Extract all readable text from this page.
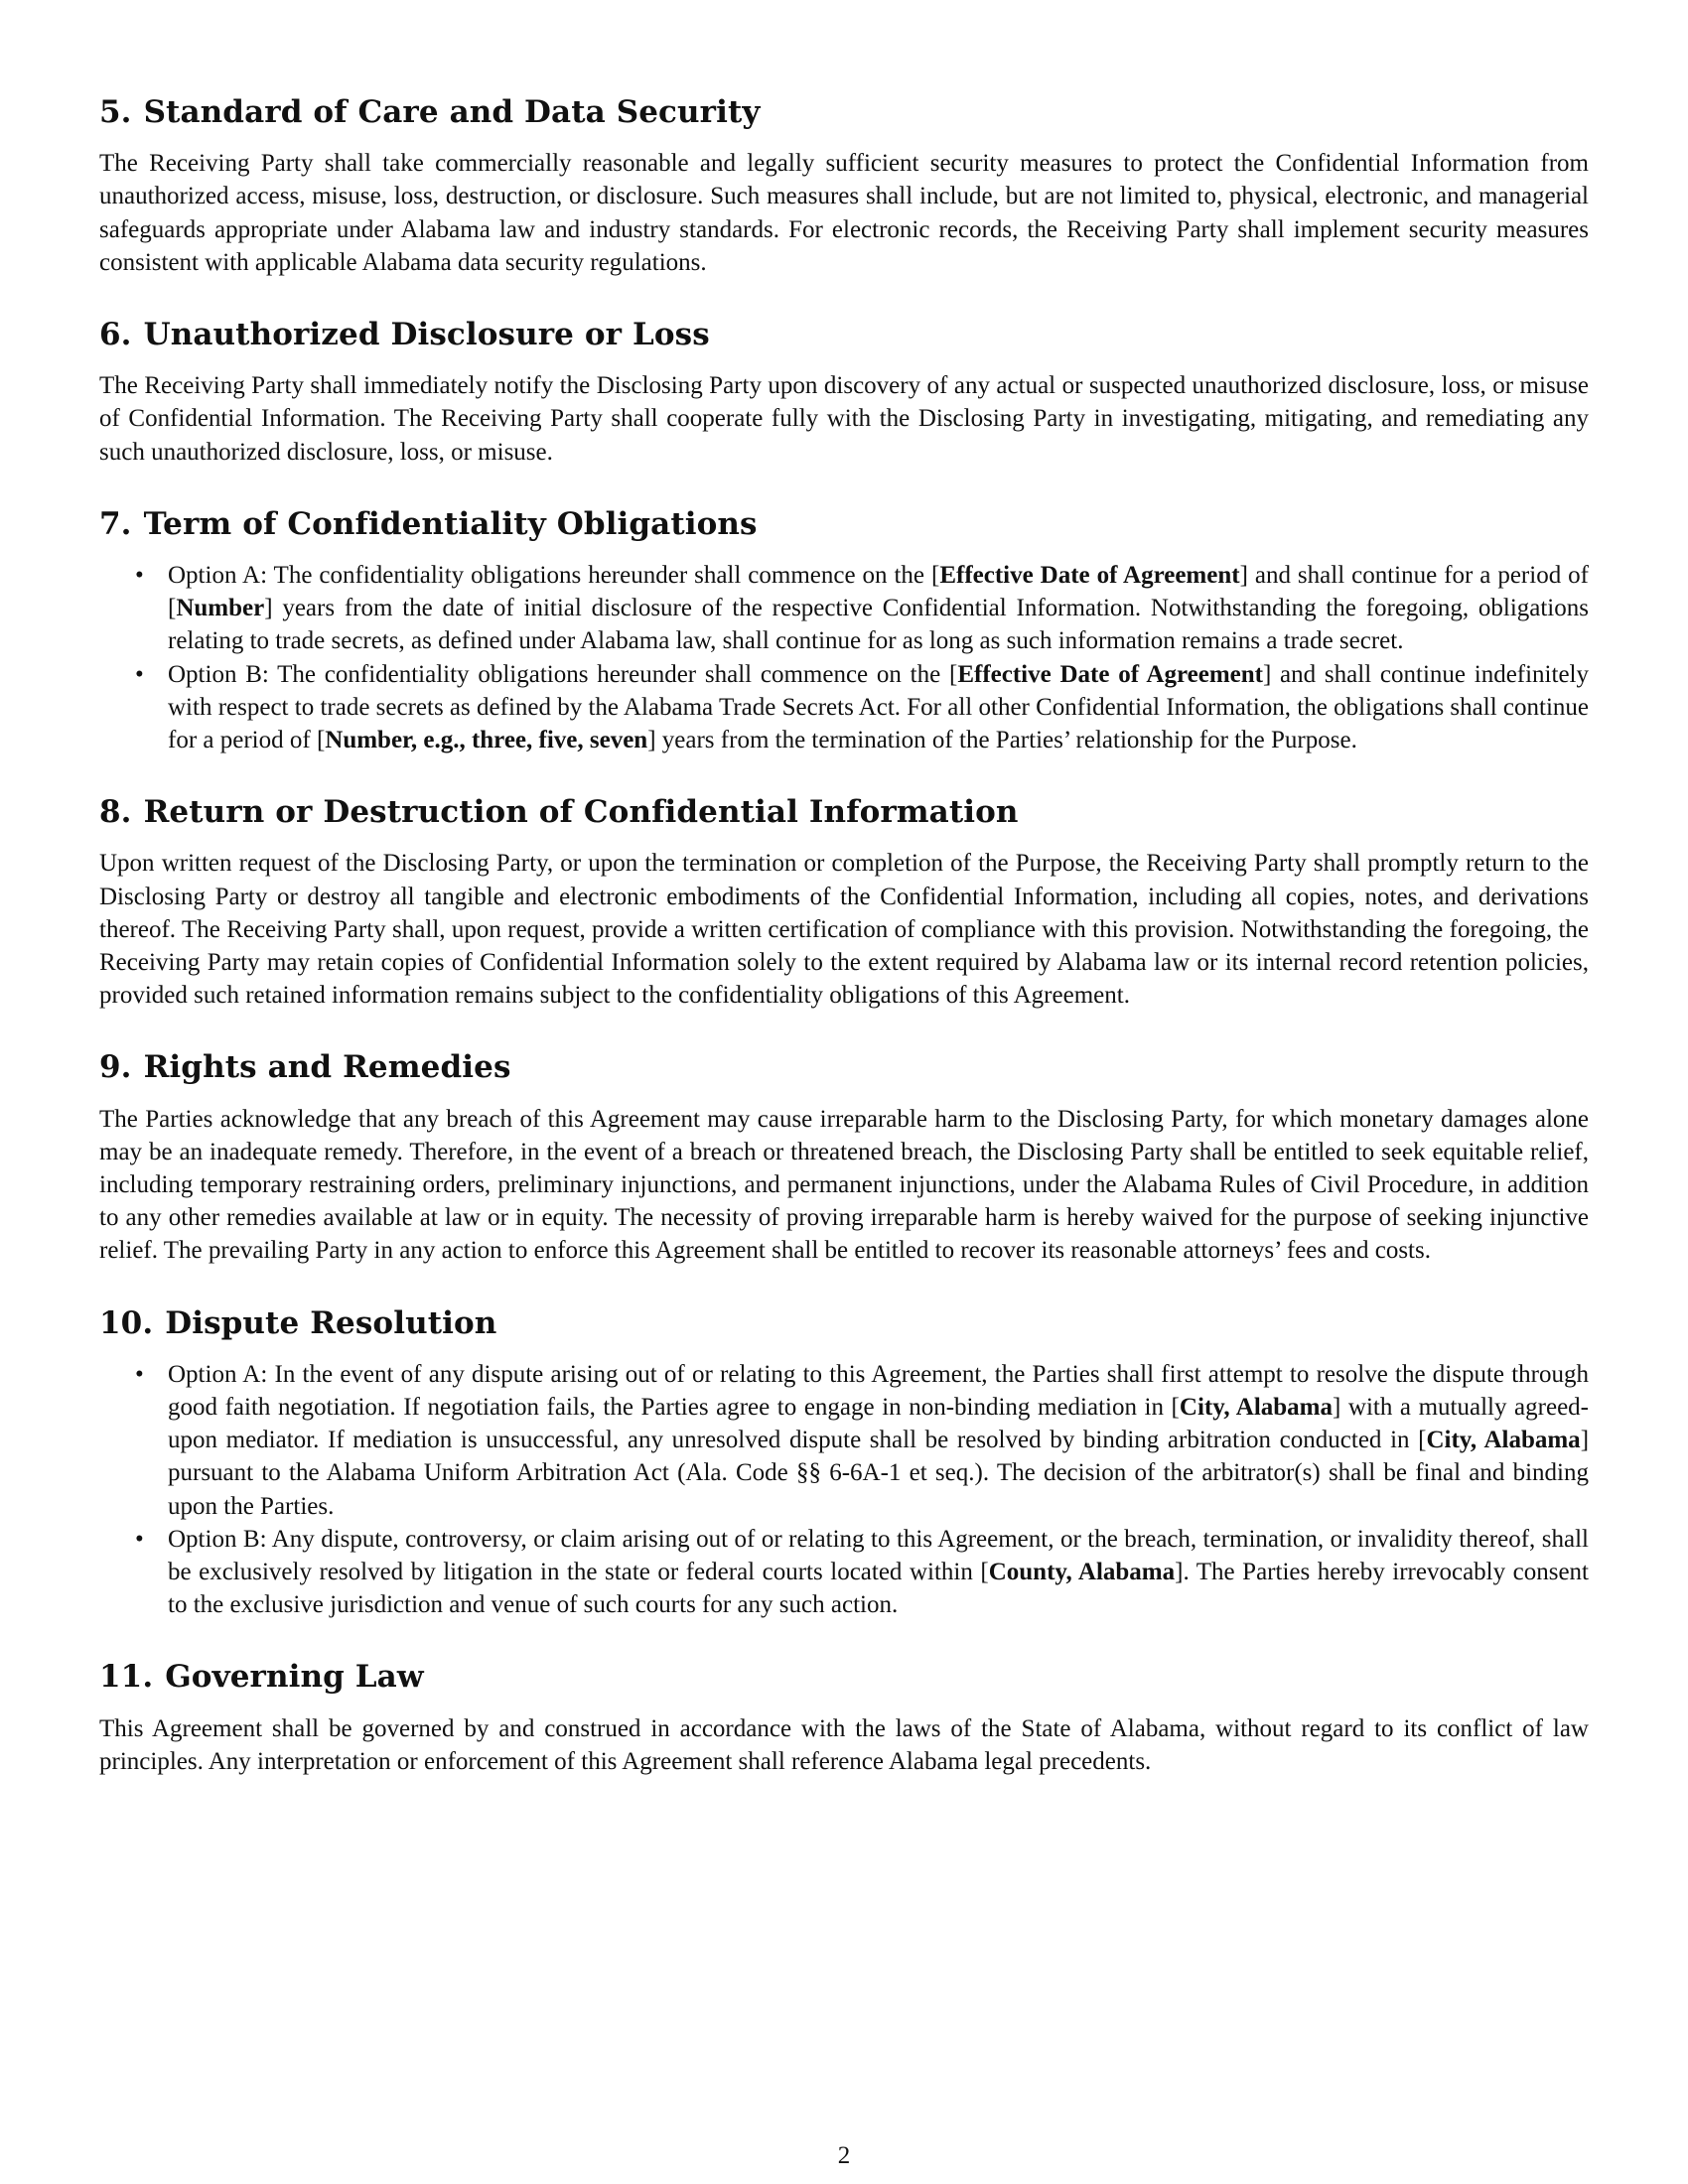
5. Standard of Care and Data Security

The Receiving Party shall take commercially reasonable and legally sufficient security measures to protect the Confidential Information from unauthorized access, misuse, loss, destruction, or disclosure. Such measures shall include, but are not limited to, physical, electronic, and managerial safeguards appropriate under Alabama law and industry standards. For electronic records, the Receiving Party shall implement security measures consistent with applicable Alabama data security regulations.

6. Unauthorized Disclosure or Loss

The Receiving Party shall immediately notify the Disclosing Party upon discovery of any actual or suspected unauthorized disclosure, loss, or misuse of Confidential Information. The Receiving Party shall cooperate fully with the Disclosing Party in investigating, mitigating, and remediating any such unauthorized disclosure, loss, or misuse.

7. Term of Confidentiality Obligations
• Option A: The confidentiality obligations hereunder shall commence on the [Effective Date of Agreement] and shall continue for a period of [Number] years from the date of initial disclosure of the respective Confidential Information. Notwithstanding the foregoing, obligations relating to trade secrets, as defined under Alabama law, shall continue for as long as such information remains a trade secret.
• Option B: The confidentiality obligations hereunder shall commence on the [Effective Date of Agreement] and shall continue indefinitely with respect to trade secrets as defined by the Alabama Trade Secrets Act. For all other Confidential Information, the obligations shall continue for a period of [Number, e.g., three, five, seven] years from the termination of the Parties’ relationship for the Purpose.
8. Return or Destruction of Confidential Information

Upon written request of the Disclosing Party, or upon the termination or completion of the Purpose, the Receiving Party shall promptly return to the Disclosing Party or destroy all tangible and electronic embodiments of the Confidential Information, including all copies, notes, and derivations thereof. The Receiving Party shall, upon request, provide a written certification of compliance with this provision. Notwithstanding the foregoing, the Receiving Party may retain copies of Confidential Information solely to the extent required by Alabama law or its internal record retention policies, provided such retained information remains subject to the confidentiality obligations of this Agreement.

9. Rights and Remedies

The Parties acknowledge that any breach of this Agreement may cause irreparable harm to the Disclosing Party, for which monetary damages alone may be an inadequate remedy. Therefore, in the event of a breach or threatened breach, the Disclosing Party shall be entitled to seek equitable relief, including temporary restraining orders, preliminary injunctions, and permanent injunctions, under the Alabama Rules of Civil Procedure, in addition to any other remedies available at law or in equity. The necessity of proving irreparable harm is hereby waived for the purpose of seeking injunctive relief. The prevailing Party in any action to enforce this Agreement shall be entitled to recover its reasonable attorneys’ fees and costs.

10. Dispute Resolution
• Option A: In the event of any dispute arising out of or relating to this Agreement, the Parties shall first attempt to resolve the dispute through good faith negotiation. If negotiation fails, the Parties agree to engage in non-binding mediation in [City, Alabama] with a mutually agreed-upon mediator. If mediation is unsuccessful, any unresolved dispute shall be resolved by binding arbitration conducted in [City, Alabama] pursuant to the Alabama Uniform Arbitration Act (Ala. Code §§ 6-6A-1 et seq.). The decision of the arbitrator(s) shall be final and binding upon the Parties.
• Option B: Any dispute, controversy, or claim arising out of or relating to this Agreement, or the breach, termination, or invalidity thereof, shall be exclusively resolved by litigation in the state or federal courts located within [County, Alabama]. The Parties hereby irrevocably consent to the exclusive jurisdiction and venue of such courts for any such action.
11. Governing Law

This Agreement shall be governed by and construed in accordance with the laws of the State of Alabama, without regard to its conflict of law principles. Any interpretation or enforcement of this Agreement shall reference Alabama legal precedents.

2
